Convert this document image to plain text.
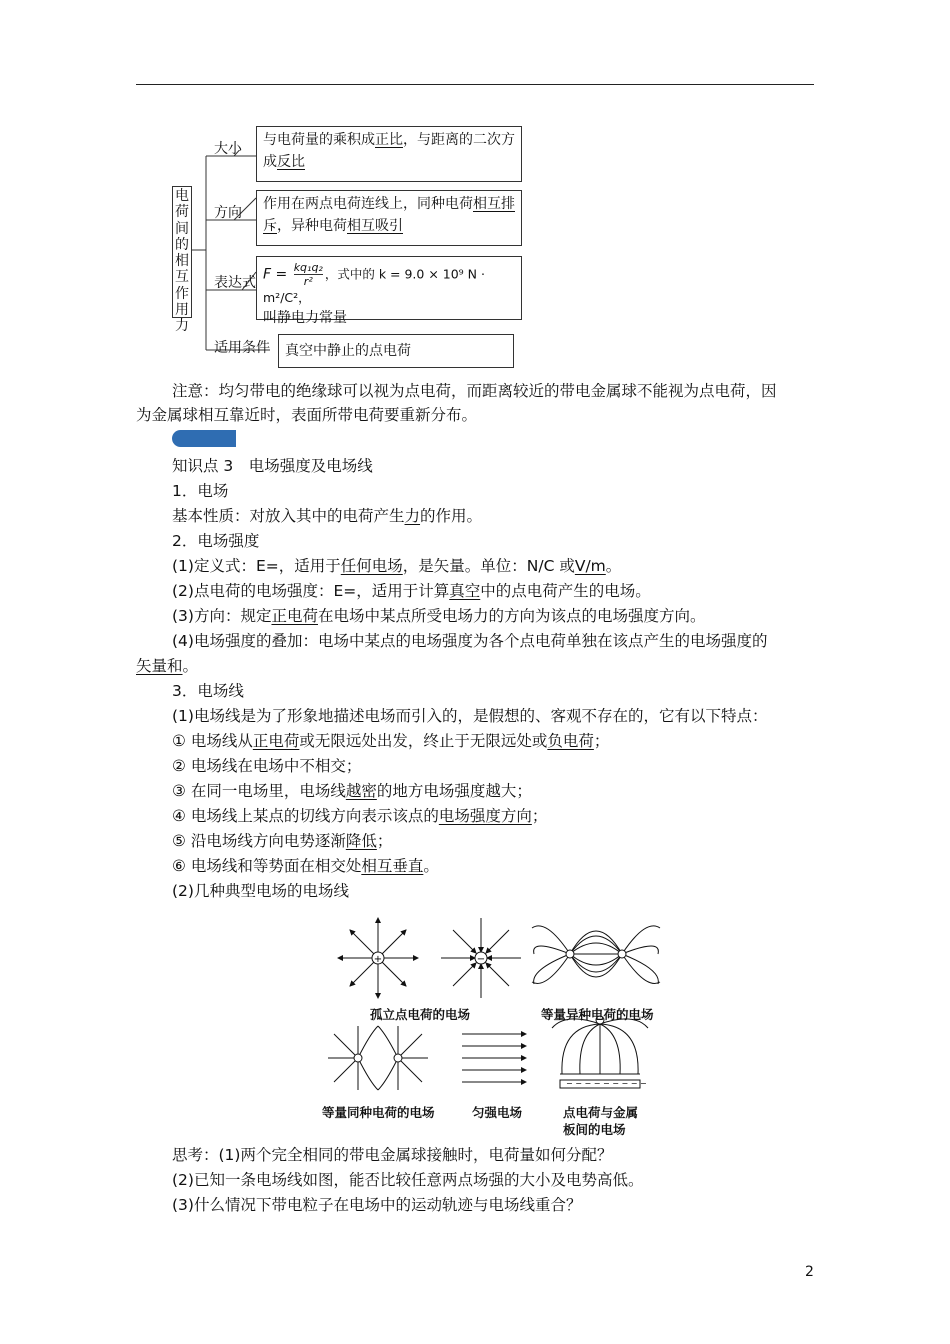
电
荷
间
的
相
互
作
用
力
大小
与电荷量的乘积成正比，与距离的二次方
成反比
方向
作用在两点电荷连线上，同种电荷相互排
斥，异种电荷相互吸引
表达式
$F = \frac{\text{kq₁q₂}}{\text{r²}}$ ，式中的 k = 9.0 × 10⁹ N · m²/C²，
叫静电力常量
适用条件	真空中静止的点电荷
注意：均匀带电的绝缘球可以视为点电荷，而距离较近的带电金属球不能视为点电荷，因
为金属球相互靠近时，表面所带电荷要重新分布。
知识点 3　电场强度及电场线
1．电场
基本性质：对放入其中的电荷产生力的作用。
2．电场强度
(1)定义式：E=，适用于任何电场，是矢量。单位：N/C 或V/m。
(2)点电荷的电场强度：E=，适用于计算真空中的点电荷产生的电场。
(3)方向：规定正电荷在电场中某点所受电场力的方向为该点的电场强度方向。
(4)电场强度的叠加：电场中某点的电场强度为各个点电荷单独在该点产生的电场强度的
矢量和。
3．电场线
(1)电场线是为了形象地描述电场而引入的，是假想的、客观不存在的，它有以下特点：
① 电场线从正电荷或无限远处出发，终止于无限远处或负电荷；
② 电场线在电场中不相交；
③ 在同一电场里，电场线越密的地方电场强度越大；
④ 电场线上某点的切线方向表示该点的电场强度方向；
⑤ 沿电场线方向电势逐渐降低；
⑥ 电场线和等势面在相交处相互垂直。
(2)几种典型电场的电场线
+	−
− − − − − − − − −
孤立点电荷的电场	等量异种电荷的电场
等量同种电荷的电场	匀强电场	点电荷与金属
板间的电场
思考：(1)两个完全相同的带电金属球接触时，电荷量如何分配？
(2)已知一条电场线如图，能否比较任意两点场强的大小及电势高低。
(3)什么情况下带电粒子在电场中的运动轨迹与电场线重合？
2
